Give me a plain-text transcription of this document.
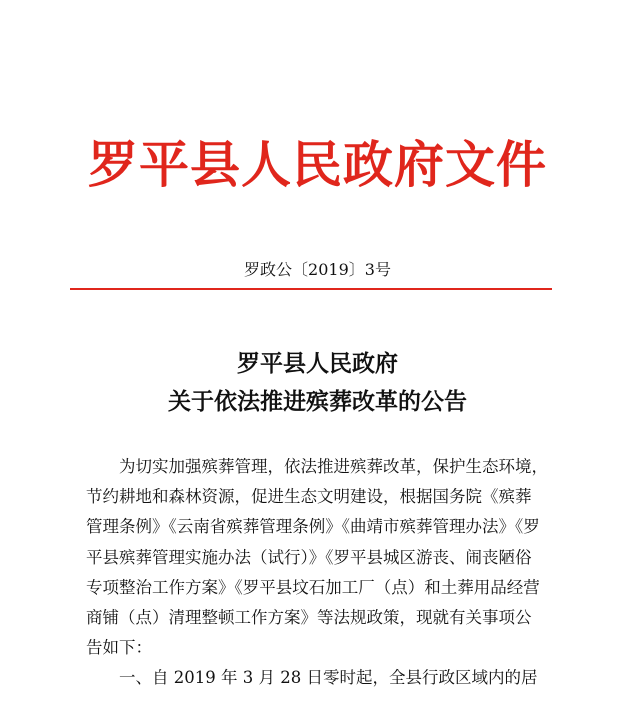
罗平县人民政府文件
罗政公〔2019〕3号
罗平县人民政府
关于依法推进殡葬改革的公告
为切实加强殡葬管理，依法推进殡葬改革，保护生态环境，
节约耕地和森林资源，促进生态文明建设，根据国务院《殡葬
管理条例》《云南省殡葬管理条例》《曲靖市殡葬管理办法》《罗
平县殡葬管理实施办法（试行）》《罗平县城区游丧、闹丧陋俗
专项整治工作方案》《罗平县坟石加工厂（点）和土葬用品经营
商铺（点）清理整顿工作方案》等法规政策，现就有关事项公
告如下：
一、自 2019 年 3 月 28 日零时起，全县行政区域内的居
